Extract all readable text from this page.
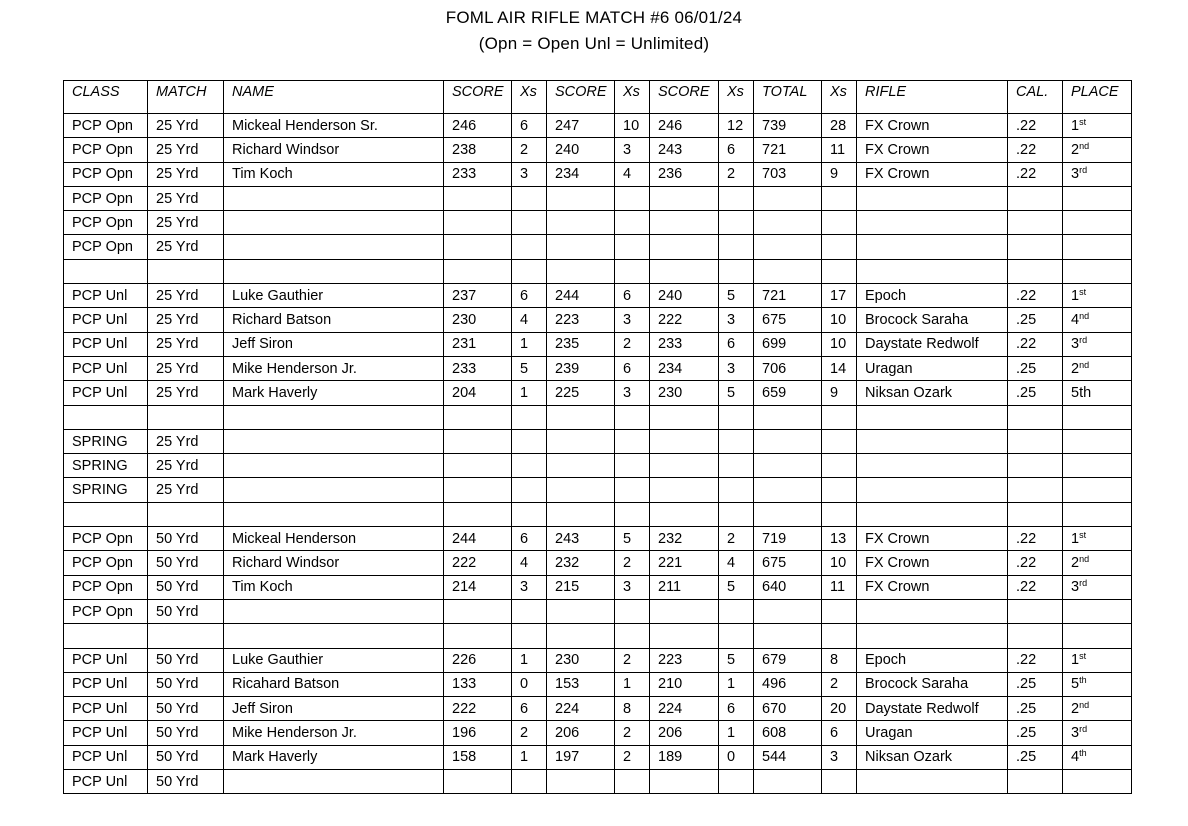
FOML AIR RIFLE MATCH #6 06/01/24
(Opn = Open Unl = Unlimited)
CLASS	MATCH	NAME	SCORE	Xs	SCORE	Xs	SCORE	Xs	TOTAL	Xs	RIFLE	CAL.	PLACE
PCP Opn	25 Yrd	Mickeal Henderson Sr.	246	6	247	10	246	12	739	28	FX Crown	.22	1st
PCP Opn	25 Yrd	Richard Windsor	238	2	240	3	243	6	721	11	FX Crown	.22	2nd
PCP Opn	25 Yrd	Tim Koch	233	3	234	4	236	2	703	9	FX Crown	.22	3rd
PCP Opn	25 Yrd												
PCP Opn	25 Yrd												
PCP Opn	25 Yrd												

PCP Unl	25 Yrd	Luke Gauthier	237	6	244	6	240	5	721	17	Epoch	.22	1st
PCP Unl	25 Yrd	Richard Batson	230	4	223	3	222	3	675	10	Brocock Saraha	.25	4nd
PCP Unl	25 Yrd	Jeff Siron	231	1	235	2	233	6	699	10	Daystate Redwolf	.22	3rd
PCP Unl	25 Yrd	Mike Henderson Jr.	233	5	239	6	234	3	706	14	Uragan	.25	2nd
PCP Unl	25 Yrd	Mark Haverly	204	1	225	3	230	5	659	9	Niksan Ozark	.25	5th

SPRING	25 Yrd												
SPRING	25 Yrd												
SPRING	25 Yrd												

PCP Opn	50 Yrd	Mickeal Henderson	244	6	243	5	232	2	719	13	FX Crown	.22	1st
PCP Opn	50 Yrd	Richard Windsor	222	4	232	2	221	4	675	10	FX Crown	.22	2nd
PCP Opn	50 Yrd	Tim Koch	214	3	215	3	211	5	640	11	FX Crown	.22	3rd
PCP Opn	50 Yrd												

PCP Unl	50 Yrd	Luke Gauthier	226	1	230	2	223	5	679	8	Epoch	.22	1st
PCP Unl	50 Yrd	Ricahard Batson	133	0	153	1	210	1	496	2	Brocock Saraha	.25	5th
PCP Unl	50 Yrd	Jeff Siron	222	6	224	8	224	6	670	20	Daystate Redwolf	.25	2nd
PCP Unl	50 Yrd	Mike Henderson Jr.	196	2	206	2	206	1	608	6	Uragan	.25	3rd
PCP Unl	50 Yrd	Mark Haverly	158	1	197	2	189	0	544	3	Niksan Ozark	.25	4th
PCP Unl	50 Yrd												
